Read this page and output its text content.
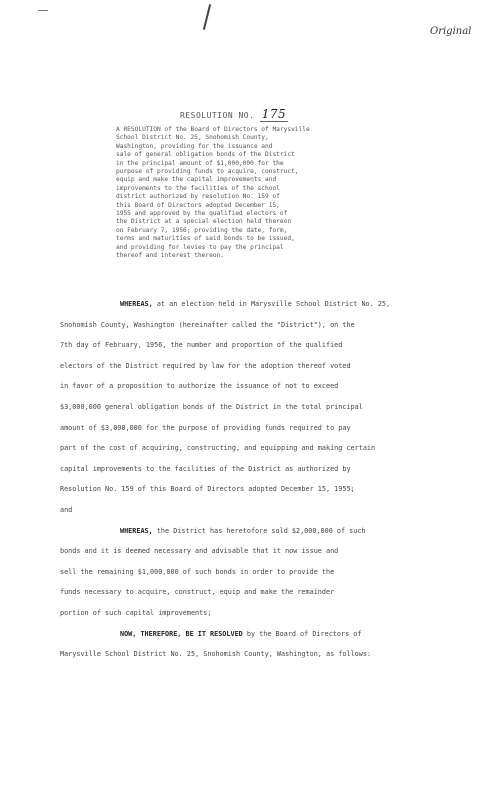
Original
RESOLUTION NO. 175
A RESOLUTION of the Board of Directors of Marysville
School District No. 25, Snohomish County,
Washington, providing for the issuance and
sale of general obligation bonds of the District
in the principal amount of $1,000,000 for the
purpose of providing funds to acquire, construct,
equip and make the capital improvements and
improvements to the facilities of the school
district authorized by resolution No. 159 of
this Board of Directors adopted December 15,
1955 and approved by the qualified electors of
the District at a special election held thereon
on February 7, 1956; providing the date, form,
terms and maturities of said bonds to be issued,
and providing for levies to pay the principal
thereof and interest thereon.
WHEREAS, at an election held in Marysville School District No. 25,
Snohomish County, Washington (hereinafter called the "District"), on the
7th day of February, 1956, the number and proportion of the qualified
electors of the District required by law for the adoption thereof voted
in favor of a proposition to authorize the issuance of not to exceed
$3,000,000 general obligation bonds of the District in the total principal
amount of $3,000,000 for the purpose of providing funds required to pay
part of the cost of acquiring, constructing, and equipping and making certain
capital improvements to the facilities of the District as authorized by
Resolution No. 159 of this Board of Directors adopted December 15, 1955;
and
WHEREAS, the District has heretofore sold $2,000,000 of such
bonds and it is deemed necessary and advisable that it now issue and
sell the remaining $1,000,000 of such bonds in order to provide the
funds necessary to acquire, construct, equip and make the remainder
portion of such capital improvements;
NOW, THEREFORE, BE IT RESOLVED by the Board of Directors of
Marysville School District No. 25, Snohomish County, Washington, as follows:
